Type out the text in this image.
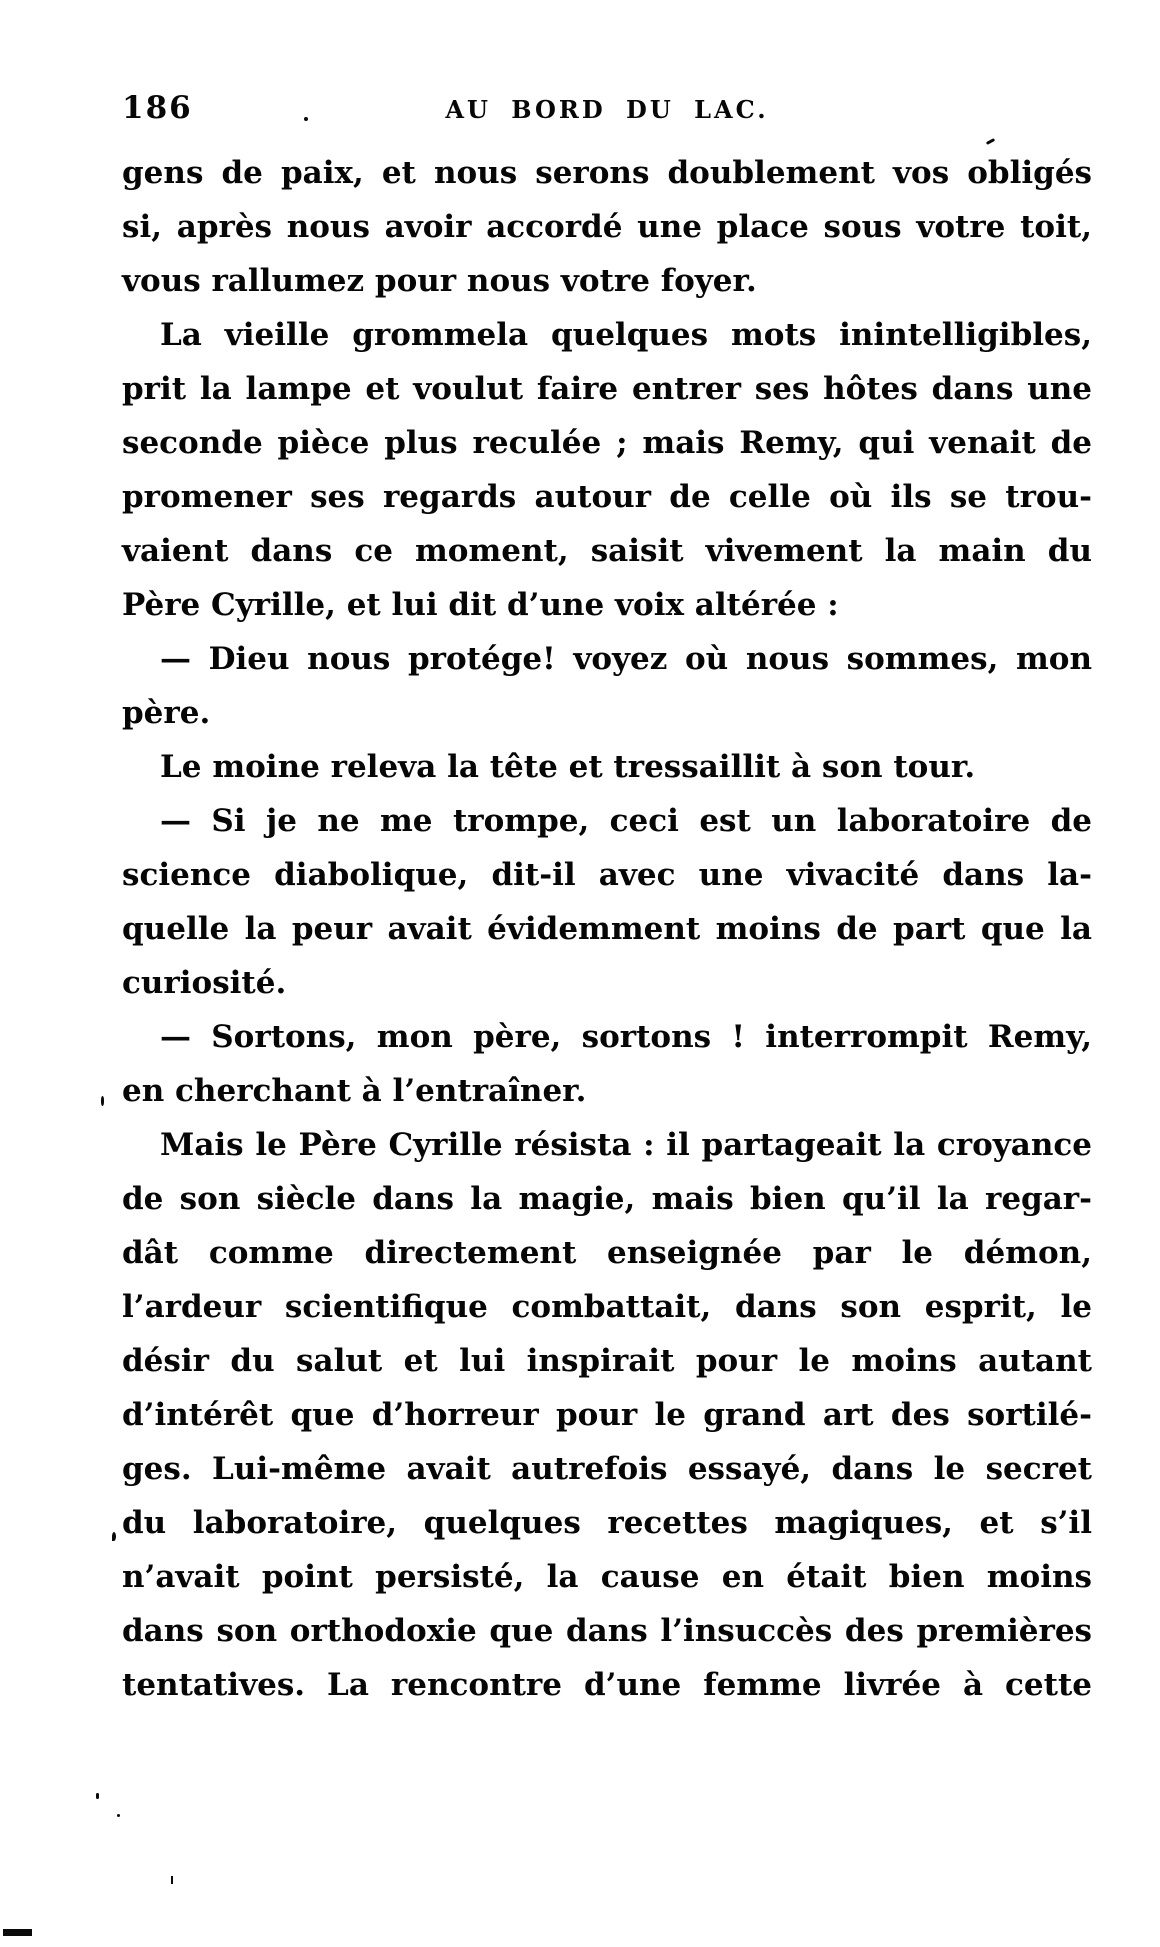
186	AU BORD DU LAC.
gens de paix, et nous serons doublement vos obligés
si, après nous avoir accordé une place sous votre toit,
vous rallumez pour nous votre foyer.
La vieille grommela quelques mots inintelligibles,
prit la lampe et voulut faire entrer ses hôtes dans une
seconde pièce plus reculée ; mais Remy, qui venait de
promener ses regards autour de celle où ils se trou-
vaient dans ce moment, saisit vivement la main du
Père Cyrille, et lui dit d’une voix altérée :
— Dieu nous protége! voyez où nous sommes, mon
père.
Le moine releva la tête et tressaillit à son tour.
— Si je ne me trompe, ceci est un laboratoire de
science diabolique, dit-il avec une vivacité dans la-
quelle la peur avait évidemment moins de part que la
curiosité.
— Sortons, mon père, sortons ! interrompit Remy,
en cherchant à l’entraîner.
Mais le Père Cyrille résista : il partageait la croyance
de son siècle dans la magie, mais bien qu’il la regar-
dât comme directement enseignée par le démon,
l’ardeur scientifique combattait, dans son esprit, le
désir du salut et lui inspirait pour le moins autant
d’intérêt que d’horreur pour le grand art des sortilé-
ges. Lui-même avait autrefois essayé, dans le secret
du laboratoire, quelques recettes magiques, et s’il
n’avait point persisté, la cause en était bien moins
dans son orthodoxie que dans l’insuccès des premières
tentatives. La rencontre d’une femme livrée à cette
